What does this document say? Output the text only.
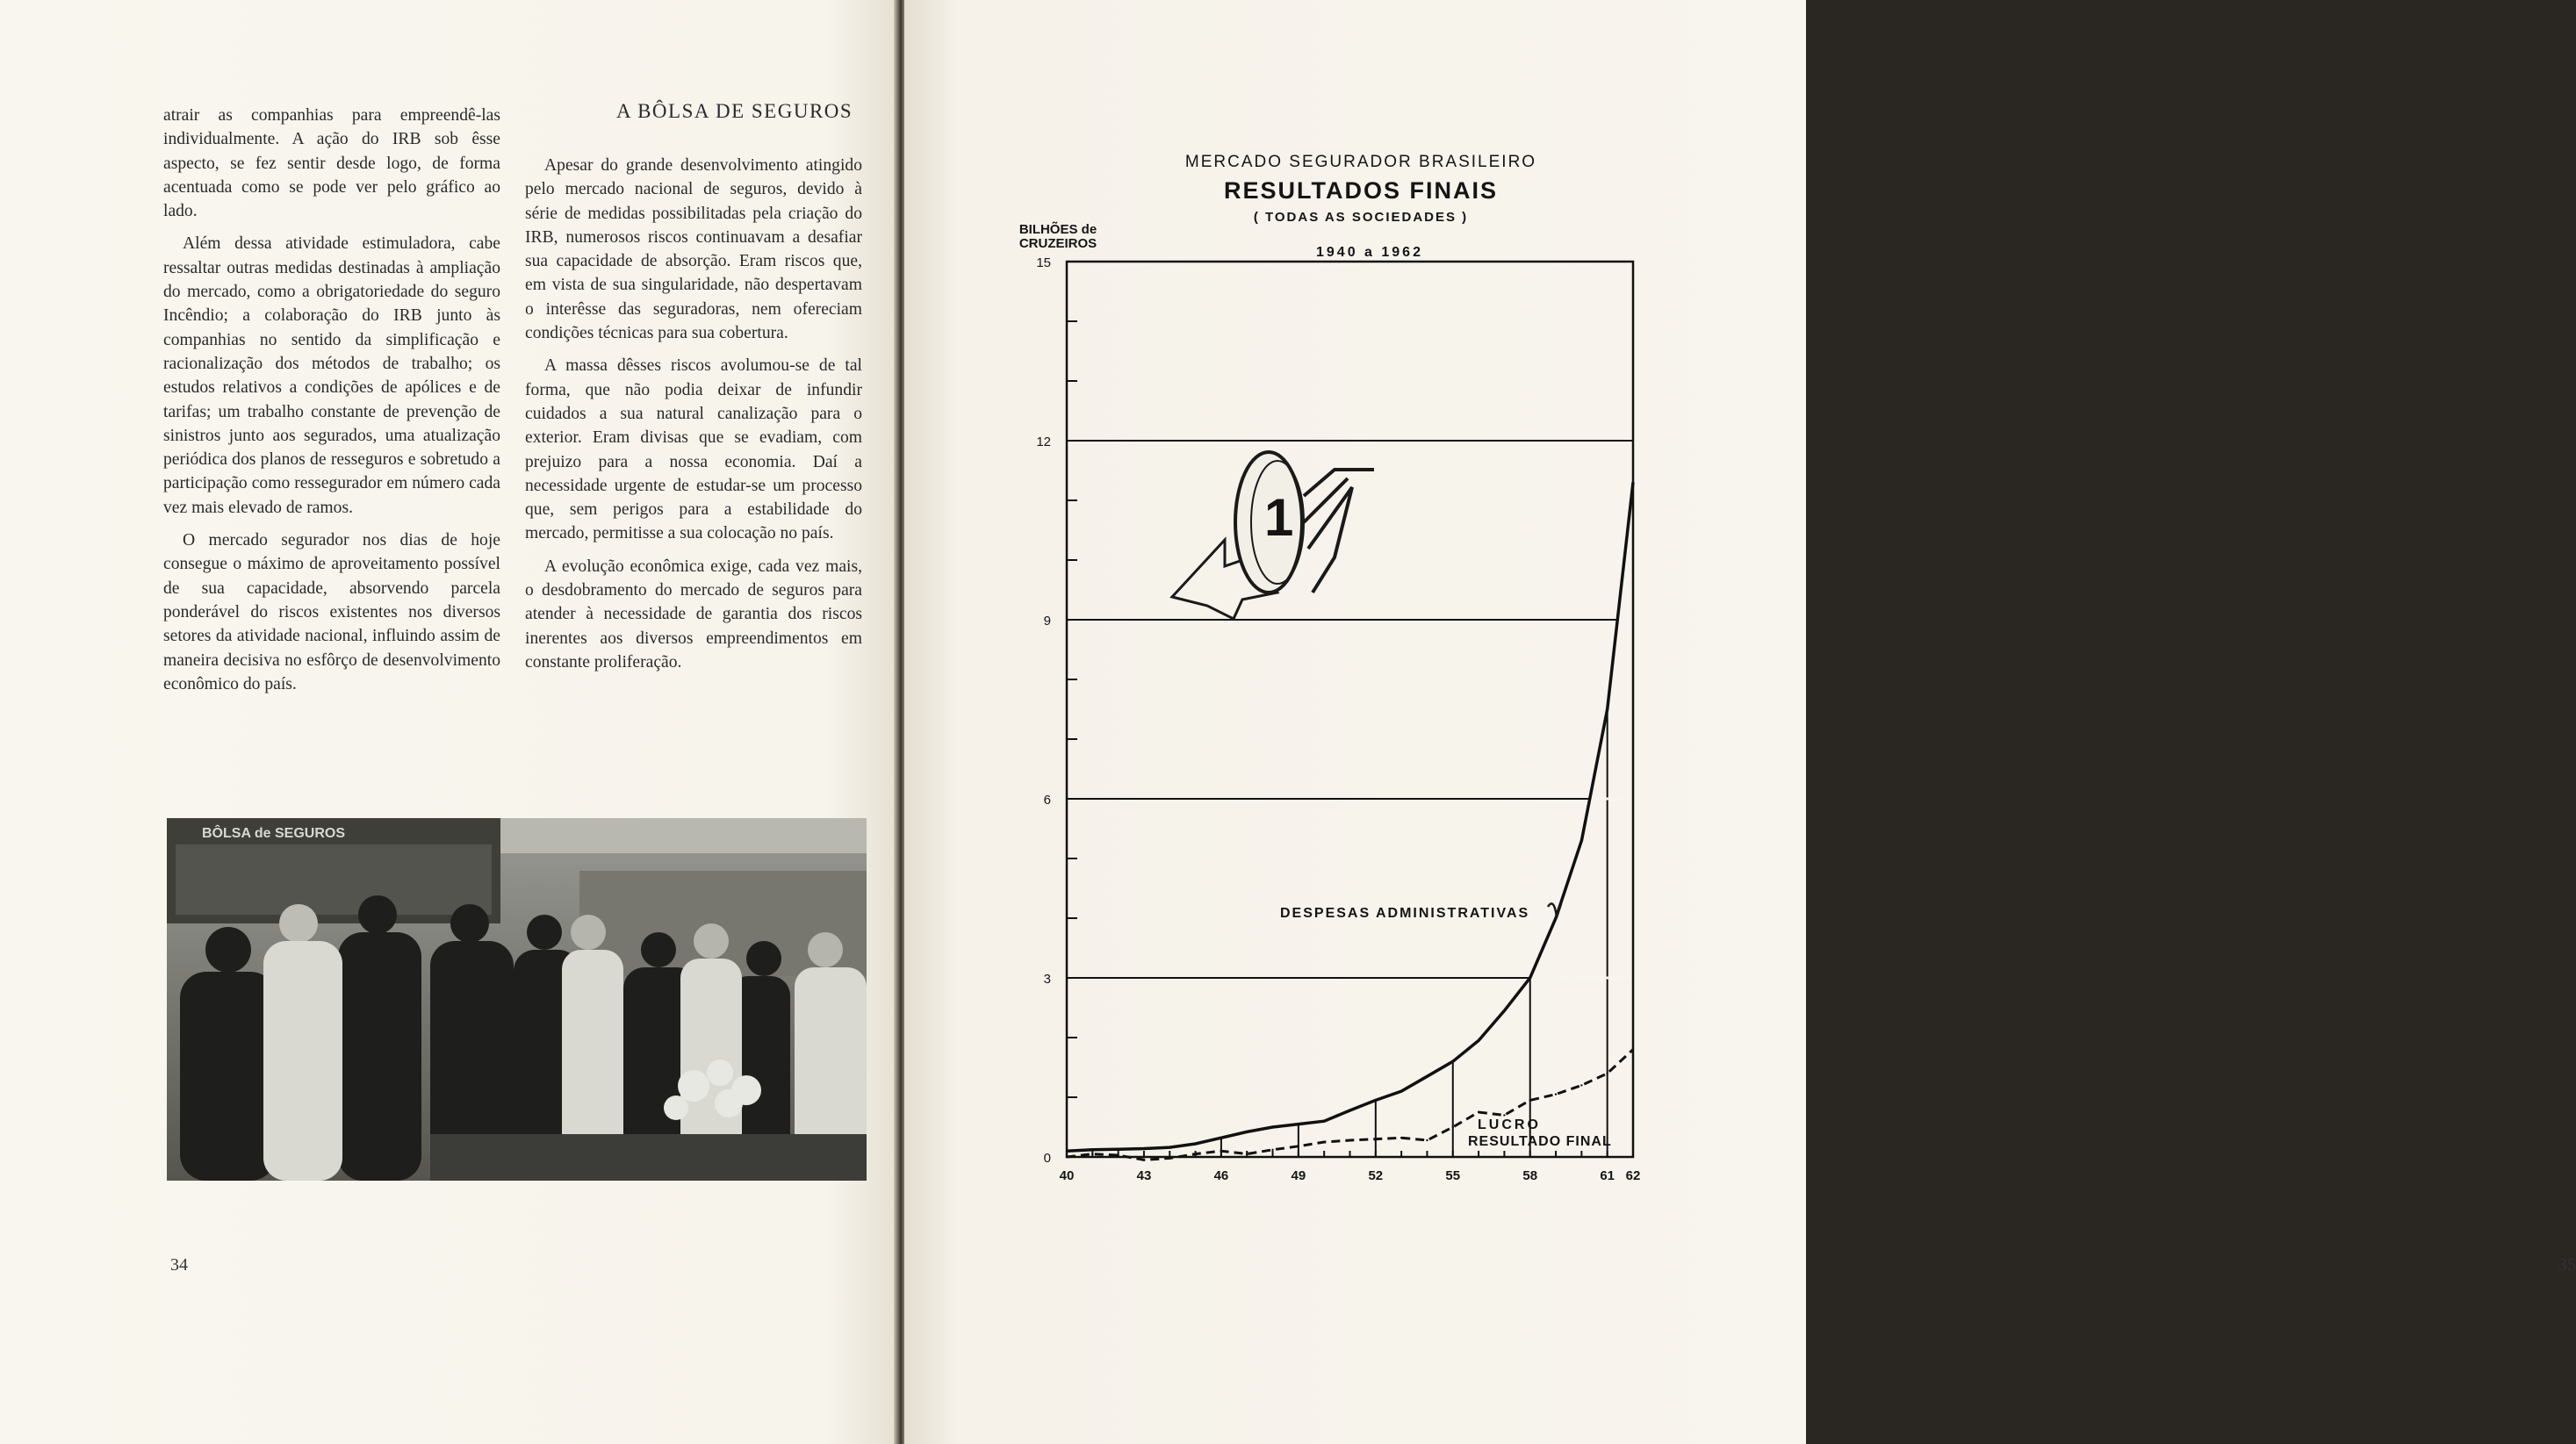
A BÔLSA DE SEGUROS

atrair as companhias para empreendê-las individualmente. A ação do IRB sob êsse aspecto, se fez sentir desde logo, de forma acentuada como se pode ver pelo gráfico ao lado.

Além dessa atividade estimuladora, cabe ressaltar outras medidas destinadas à ampliação do mercado, como a obrigatoriedade do seguro Incêndio; a colaboração do IRB junto às companhias no sentido da simplificação e racionalização dos métodos de trabalho; os estudos relativos a condições de apólices e de tarifas; um trabalho constante de prevenção de sinistros junto aos segurados, uma atualização periódica dos planos de resseguros e sobretudo a participação como ressegurador em número cada vez mais elevado de ramos.

O mercado segurador nos dias de hoje consegue o máximo de aproveitamento possível de sua capacidade, absorvendo parcela ponderável do riscos existentes nos diversos setores da atividade nacional, influindo assim de maneira decisiva no esfôrço de desenvolvimento econômico do país.

Apesar do grande desenvolvimento atingido pelo mercado nacional de seguros, devido à série de medidas possibilitadas pela criação do IRB, numerosos riscos continuavam a desafiar sua capacidade de absorção. Eram riscos que, em vista de sua singularidade, não despertavam o interêsse das seguradoras, nem ofereciam condições técnicas para sua cobertura.

A massa dêsses riscos avolumou-se de tal forma, que não podia deixar de infundir cuidados a sua natural canalização para o exterior. Eram divisas que se evadiam, com prejuizo para a nossa economia. Daí a necessidade urgente de estudar-se um processo que, sem perigos para a estabilidade do mercado, permitisse a sua colocação no país.

A evolução econômica exige, cada vez mais, o desdobramento do mercado de seguros para atender à necessidade de garantia dos riscos inerentes aos diversos empreendimentos em constante proliferação.

BÔLSA de SEGUROS
34	35
MERCADO SEGURADOR BRASILEIRO
RESULTADOS FINAIS
( TODAS AS SOCIEDADES )
BILHÕES de
CRUZEIROS
1940 a 1962
0
3
6
9
12
15
40	43	46	49	52	55	58	61 62
1
DESPESAS ADMINISTRATIVAS
LUCRO
RESULTADO FINAL
